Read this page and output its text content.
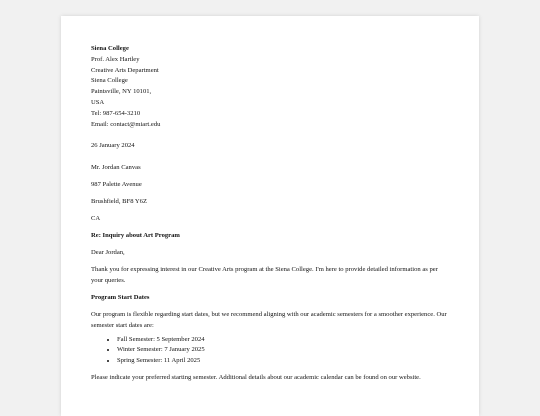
Siena College
Prof. Alex Hartley
Creative Arts Department
Siena College
Paintsville, NY 10101,
USA
Tel: 987-654-3210
Email: contact@miart.edu
26 January 2024
Mr. Jordan Canvas
987 Palette Avenue
Brushfield, BF8 Y6Z
CA
Re: Inquiry about Art Program

Dear Jordan,

Thank you for expressing interest in our Creative Arts program at the Siena College. I'm here to provide detailed information as per your queries.

Program Start Dates

Our program is flexible regarding start dates, but we recommend aligning with our academic semesters for a smoother experience. Our semester start dates are:

• Fall Semester: 5 September 2024
• Winter Semester: 7 January 2025
• Spring Semester: 11 April 2025

Please indicate your preferred starting semester. Additional details about our academic calendar can be found on our website.
